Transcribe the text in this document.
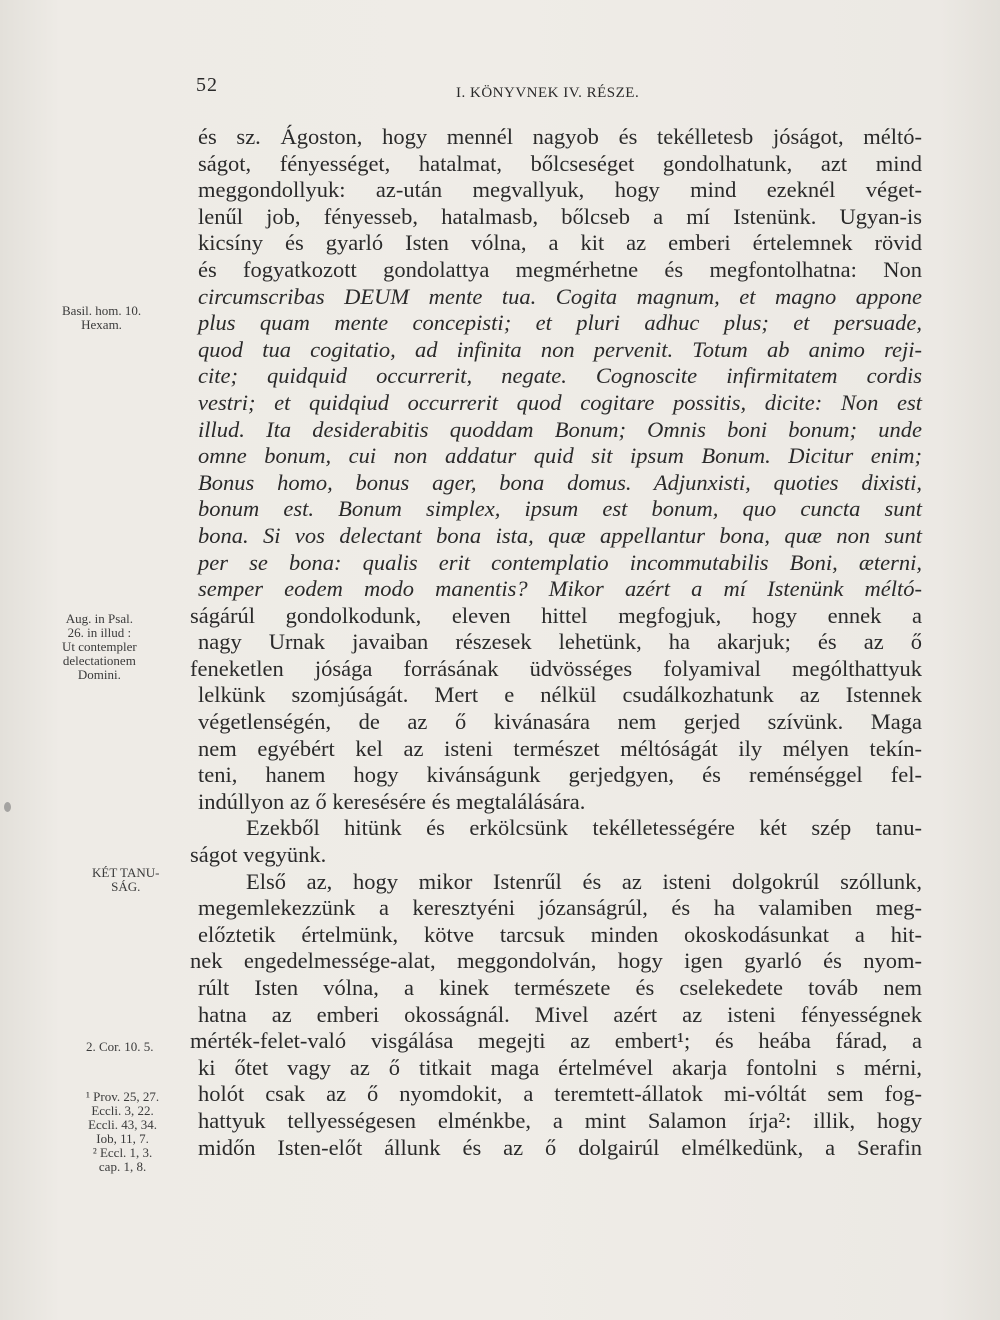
52	I. KÖNYVNEK IV. RÉSZE.
és sz. Ágoston, hogy mennél nagyob és tekélletesb jóságot, méltó-
ságot, fényességet, hatalmat, bőlcseséget gondolhatunk, azt mind
meggondollyuk: az-után megvallyuk, hogy mind ezeknél véget-
lenűl job, fényesseb, hatalmasb, bőlcseb a mí Istenünk. Ugyan-is
kicsíny és gyarló Isten vólna, a kit az emberi értelemnek rövid
és fogyatkozott gondolattya megmérhetne és megfontolhatna: Non
circumscribas DEUM mente tua. Cogita magnum, et magno appone
plus quam mente concepisti; et pluri adhuc plus; et persuade,
quod tua cogitatio, ad infinita non pervenit. Totum ab animo reji-
cite; quidquid occurrerit, negate. Cognoscite infirmitatem cordis
vestri; et quidqiud occurrerit quod cogitare possitis, dicite: Non est
illud. Ita desiderabitis quoddam Bonum; Omnis boni bonum; unde
omne bonum, cui non addatur quid sit ipsum Bonum. Dicitur enim;
Bonus homo, bonus ager, bona domus. Adjunxisti, quoties dixisti,
bonum est. Bonum simplex, ipsum est bonum, quo cuncta sunt
bona. Si vos delectant bona ista, quæ appellantur bona, quæ non sunt
per se bona: qualis erit contemplatio incommutabilis Boni, æterni,
semper eodem modo manentis? Mikor azért a mí Istenünk méltó-
ságárúl gondolkodunk, eleven hittel megfogjuk, hogy ennek a
nagy Urnak javaiban részesek lehetünk, ha akarjuk; és az ő
feneketlen jósága forrásának üdvösséges folyamival mególthattyuk
lelkünk szomjúságát. Mert e nélkül csudálkozhatunk az Istennek
végetlenségén, de az ő kivánasára nem gerjed szívünk. Maga
nem egyébért kel az isteni természet méltóságát ily mélyen tekín-
teni, hanem hogy kivánságunk gerjedgyen, és reménséggel fel-
indúllyon az ő keresésére és megtalálására.
Ezekből hitünk és erkölcsünk tekélletességére két szép tanu-
ságot vegyünk.
Első az, hogy mikor Istenrűl és az isteni dolgokrúl szóllunk,
megemlekezzünk a keresztyéni józanságrúl, és ha valamiben meg-
előztetik értelmünk, kötve tarcsuk minden okoskodásunkat a hit-
nek engedelmessége-alat, meggondolván, hogy igen gyarló és nyom-
rúlt Isten vólna, a kinek természete és cselekedete továb nem
hatna az emberi okosságnál. Mivel azért az isteni fényességnek
mérték-felet-való visgálása megejti az embert¹; és heába fárad, a
ki őtet vagy az ő titkait maga értelmével akarja fontolni s mérni,
holót csak az ő nyomdokit, a teremtett-állatok mi-vóltát sem fog-
hattyuk tellyességesen elménkbe, a mint Salamon írja²: illik, hogy
midőn Isten-előt állunk és az ő dolgairúl elmélkedünk, a Serafin
Basil. hom. 10.
Hexam.
Aug. in Psal.
26. in illud :
Ut contempler
delectationem
Domini.
KÉT TANU-
SÁG.
2. Cor. 10. 5.
¹ Prov. 25, 27.
Eccli. 3, 22.
Eccli. 43, 34.
Iob, 11, 7.
² Eccl. 1, 3.
cap. 1, 8.
